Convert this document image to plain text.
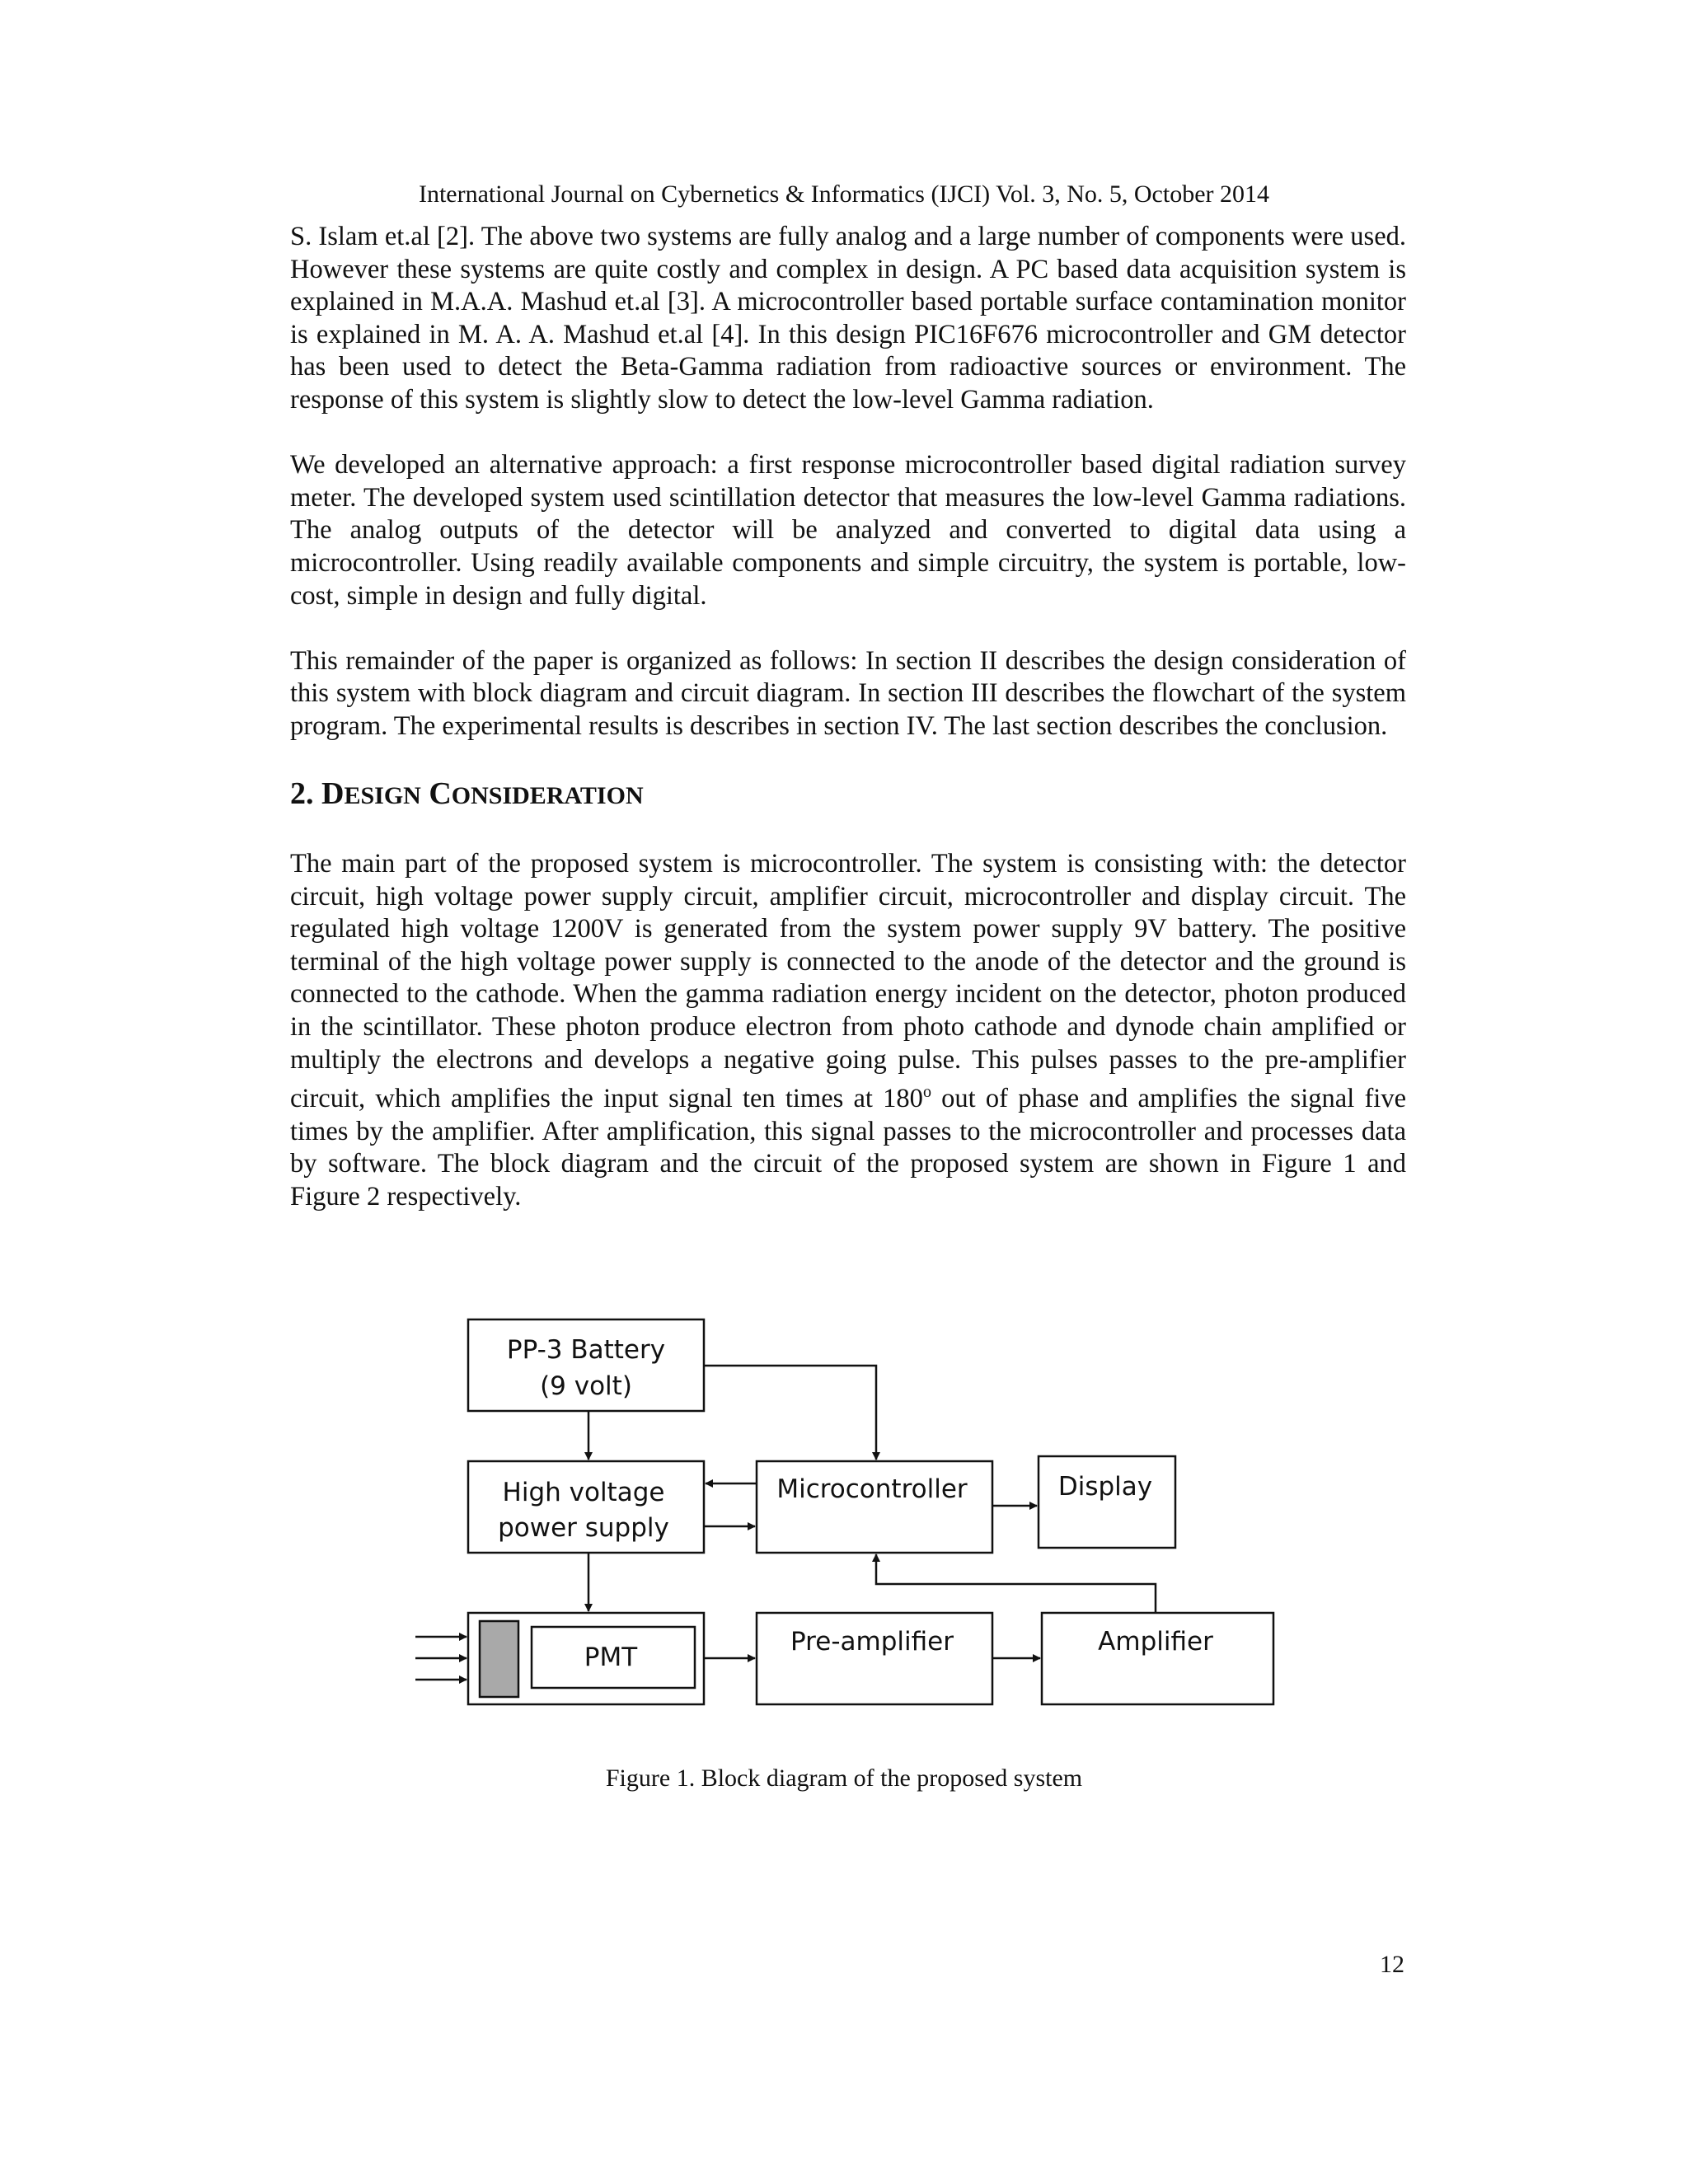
International Journal on Cybernetics & Informatics (IJCI) Vol. 3, No. 5, October 2014

S. Islam et.al [2]. The above two systems are fully analog and a large number of components were used. However these systems are quite costly and complex in design. A PC based data acquisition system is explained in M.A.A. Mashud et.al [3]. A microcontroller based portable surface contamination monitor is explained in M. A. A. Mashud et.al [4]. In this design PIC16F676 microcontroller and GM detector has been used to detect the Beta-Gamma radiation from radioactive sources or environment. The response of this system is slightly slow to detect the low-level Gamma radiation.

We developed an alternative approach: a first response microcontroller based digital radiation survey meter. The developed system used scintillation detector that measures the low-level Gamma radiations. The analog outputs of the detector will be analyzed and converted to digital data using a microcontroller. Using readily available components and simple circuitry, the system is portable, low-cost, simple in design and fully digital.

This remainder of the paper is organized as follows: In section II describes the design consideration of this system with block diagram and circuit diagram. In section III describes the flowchart of the system program. The experimental results is describes in section IV. The last section describes the conclusion.

2. DESIGN CONSIDERATION

The main part of the proposed system is microcontroller. The system is consisting with: the detector circuit, high voltage power supply circuit, amplifier circuit, microcontroller and display circuit. The regulated high voltage 1200V is generated from the system power supply 9V battery. The positive terminal of the high voltage power supply is connected to the anode of the detector and the ground is connected to the cathode. When the gamma radiation energy incident on the detector, photon produced in the scintillator. These photon produce electron from photo cathode and dynode chain amplified or multiply the electrons and develops a negative going pulse. This pulses passes to the pre-amplifier circuit, which amplifies the input signal ten times at 180$^o$ out of phase and amplifies the signal five times by the amplifier. After amplification, this signal passes to the microcontroller and processes data by software. The block diagram and the circuit of the proposed system are shown in Figure 1 and Figure 2 respectively.

PP-3 Battery
(9 volt)
High voltage
power supply
Microcontroller	Display
PMT
Pre-amplifier	Amplifier
Figure 1. Block diagram of the proposed system
12
